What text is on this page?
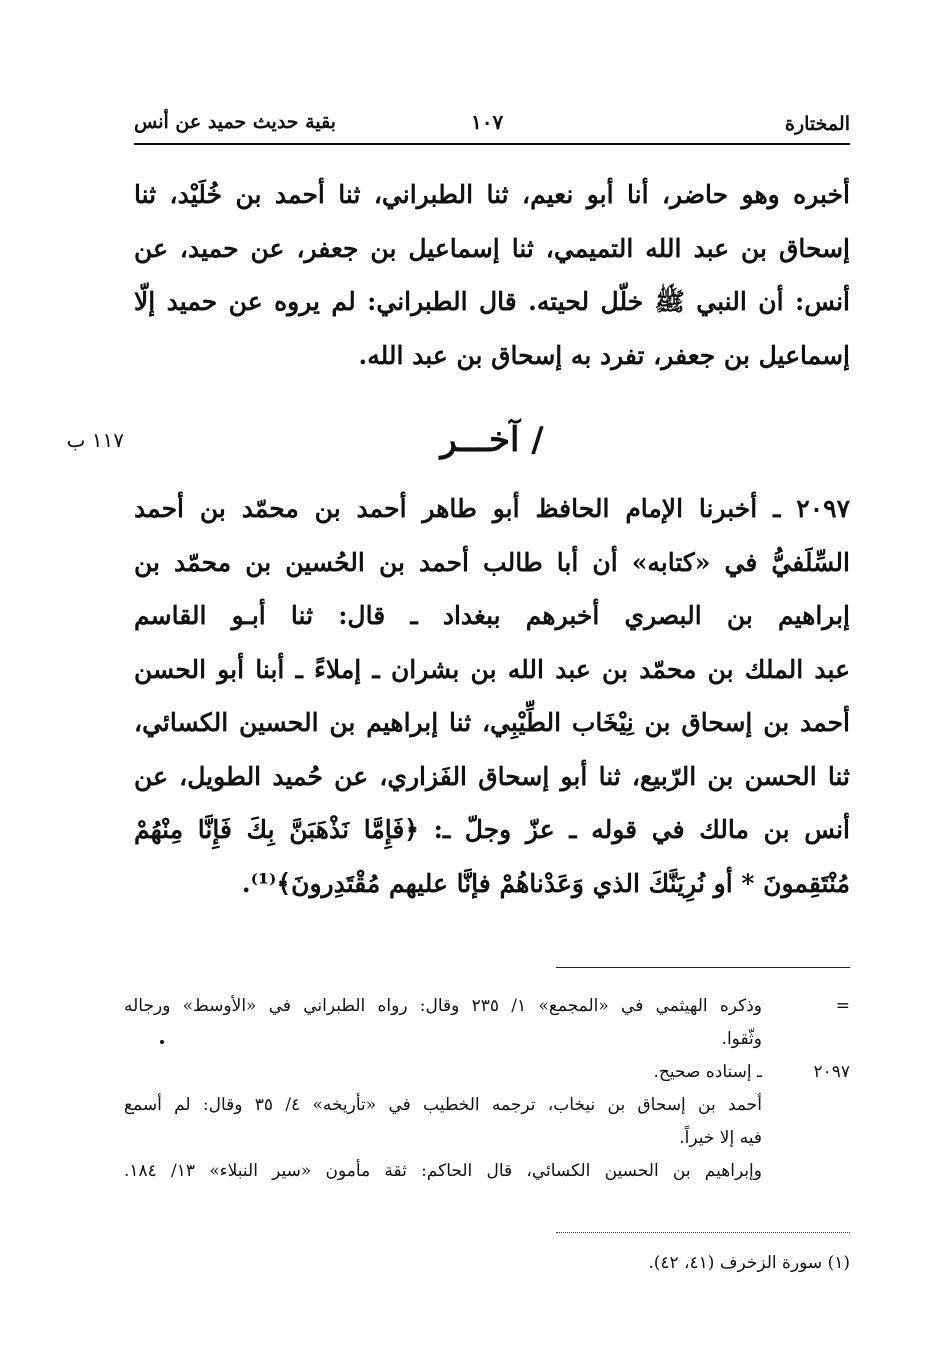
المختارة
١٠٧
بقية حديث حميد عن أنس
أخبره وهو حاضر، أنا أبو نعيم، ثنا الطبراني، ثنا أحمد بن خُلَيْد، ثنا
إسحاق بن عبد الله التميمي، ثنا إسماعيل بن جعفر، عن حميد، عن
أنس: أن النبي ﷺ خلّل لحيته. قال الطبراني: لم يروه عن حميد إلّا
إسماعيل بن جعفر، تفرد به إسحاق بن عبد الله.
/ آخـــر
١١٧ ب
٢٠٩٧ ـ أخبرنا الإمام الحافظ أبو طاهر أحمد بن محمّد بن أحمد
السِّلَفيُّ في «كتابه» أن أبا طالب أحمد بن الحُسين بن محمّد بن
إبراهيم بن البصري أخبرهم ببغداد ـ قال: ثنا أبـو القاسم
عبد الملك بن محمّد بن عبد الله بن بشران ـ إملاءً ـ أبنا أبو الحسن
أحمد بن إسحاق بن نِيْخَاب الطِّيْبِي، ثنا إبراهيم بن الحسين الكسائي،
ثنا الحسن بن الرّبيع، ثنا أبو إسحاق الفَزاري، عن حُميد الطويل، عن
أنس بن مالك في قوله ـ عزّ وجلّ ـ: ﴿فَإِمَّا نَذْهَبَنَّ بِكَ فَإِنَّا مِنْهُمْ
مُنْتَقِمونَ * أو نُرِيَنَّكَ الذي وَعَدْناهُمْ فإنَّا عليهم مُقْتَدِرونَ﴾⁽¹⁾.
=
وذكره الهيثمي في «المجمع» ١/ ٢٣٥ وقال: رواه الطبراني في «الأوسط» ورجاله
وثّقوا.
٢٠٩٧
ـ إسناده صحيح.
أحمد بن إسحاق بن نيخاب، ترجمه الخطيب في «تأريخه» ٤/ ٣٥ وقال: لم أسمع
فيه إلا خيراً.
وإبراهيم بن الحسين الكسائي، قال الحاكم: ثقة مأمون «سير النبلاء» ١٣/ ١٨٤.
(١) سورة الزخرف (٤١، ٤٢).
